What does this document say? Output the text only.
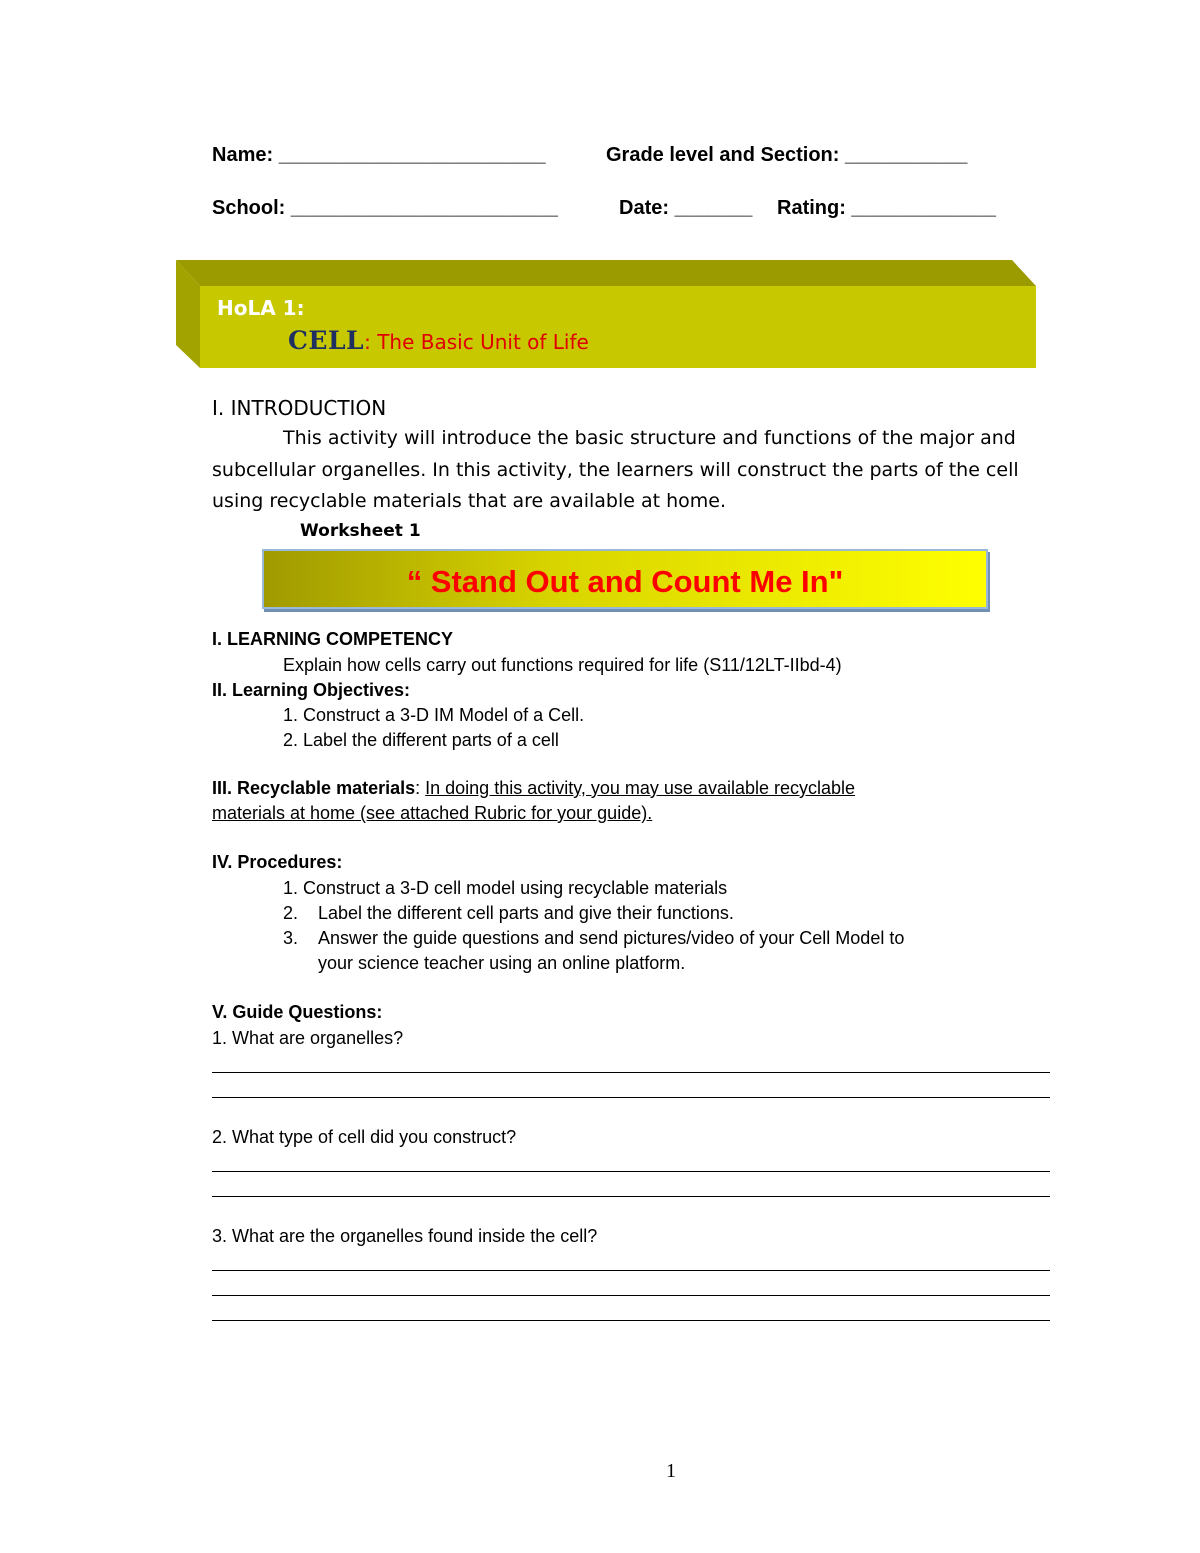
Name: ________________________	Grade level and Section: ___________
School: ________________________	Date: _______ Rating: _____________
HoLA 1:
CELL: The Basic Unit of Life
I. INTRODUCTION
This activity will introduce the basic structure and functions of the major and
subcellular organelles. In this activity, the learners will construct the parts of the cell
using recyclable materials that are available at home.
Worksheet 1
“ Stand Out and Count Me In"
I. LEARNING COMPETENCY
Explain how cells carry out functions required for life (S11/12LT-IIbd-4)
II. Learning Objectives:
1. Construct a 3-D IM Model of a Cell.
2. Label the different parts of a cell
III. Recyclable materials: In doing this activity, you may use available recyclable
materials at home (see attached Rubric for your guide).
IV. Procedures:
1. Construct a 3-D cell model using recyclable materials
2. Label the different cell parts and give their functions.
3. Answer the guide questions and send pictures/video of your Cell Model to
your science teacher using an online platform.
V. Guide Questions:
1. What are organelles?
2. What type of cell did you construct?
3. What are the organelles found inside the cell?
1
